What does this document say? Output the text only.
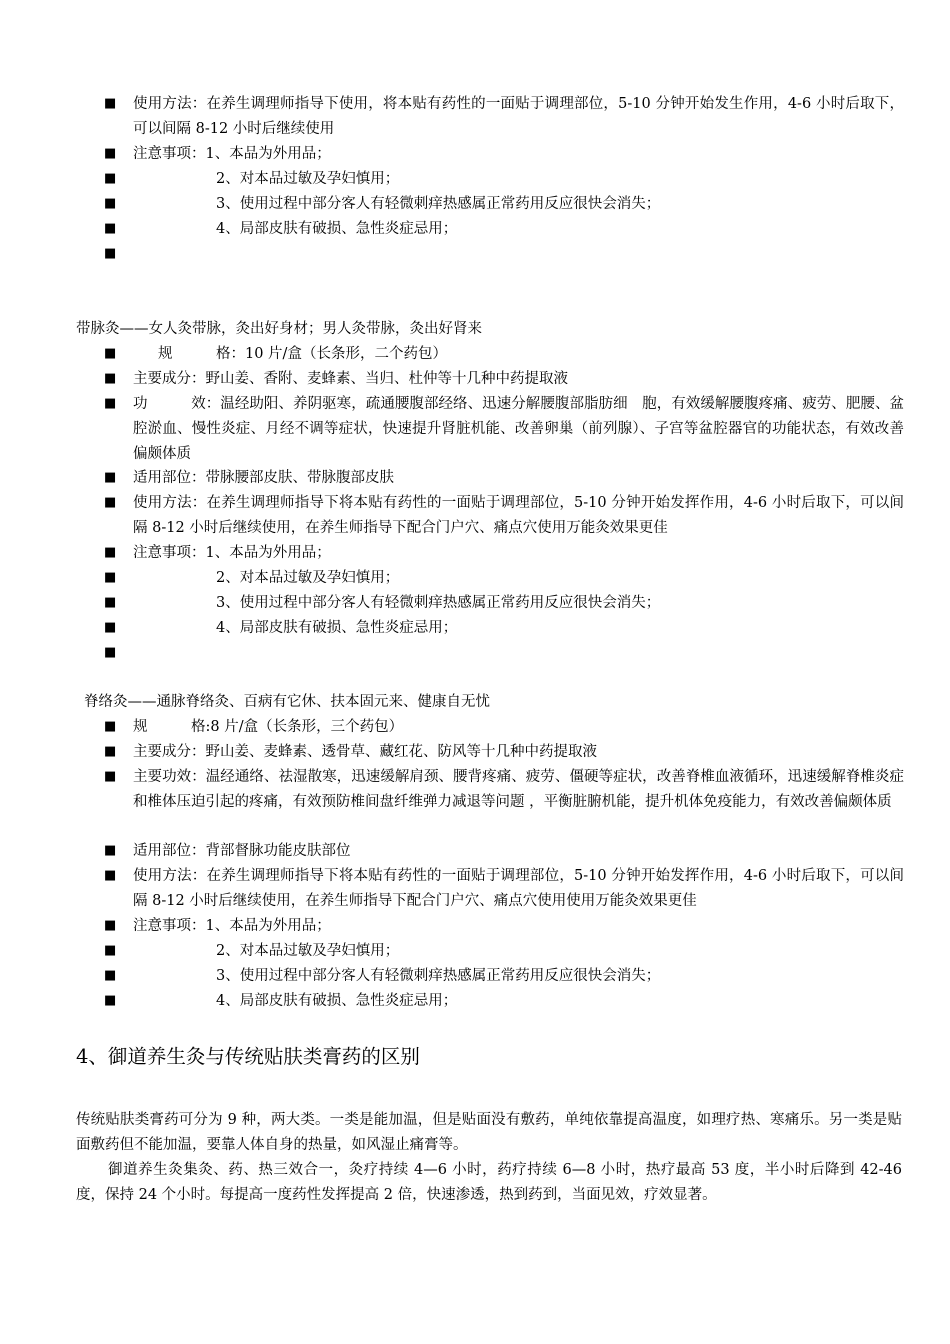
■	使用方法：在养生调理师指导下使用，将本贴有药性的一面贴于调理部位，5-10 分钟开始发生作用，4-6 小时后取下，可以间隔 8-12 小时后继续使用
■	注意事项：1、本品为外用品；
■	2、对本品过敏及孕妇慎用；
■	3、使用过程中部分客人有轻微刺痒热感属正常药用反应很快会消失；
■	4、局部皮肤有破损、急性炎症忌用；
■
带脉灸——女人灸带脉，灸出好身材；男人灸带脉，灸出好肾来
■	规　　　格：10 片/盒（长条形，二个药包）
■	主要成分：野山姜、香附、麦蜂素、当归、杜仲等十几种中药提取液
■	功　　　效：温经助阳、养阴驱寒，疏通腰腹部经络、迅速分解腰腹部脂肪细　胞，有效缓解腰腹疼痛、疲劳、肥腰、盆腔淤血、慢性炎症、月经不调等症状，快速提升肾脏机能、改善卵巢（前列腺）、子宫等盆腔器官的功能状态，有效改善偏颇体质
■	适用部位：带脉腰部皮肤、带脉腹部皮肤
■	使用方法：在养生调理师指导下将本贴有药性的一面贴于调理部位，5-10 分钟开始发挥作用，4-6 小时后取下，可以间隔 8-12 小时后继续使用，在养生师指导下配合门户穴、痛点穴使用万能灸效果更佳
■	注意事项：1、本品为外用品；
■	2、对本品过敏及孕妇慎用；
■	3、使用过程中部分客人有轻微刺痒热感属正常药用反应很快会消失；
■	4、局部皮肤有破损、急性炎症忌用；
■
脊络灸——通脉脊络灸、百病有它休、扶本固元来、健康自无忧
■	规　　　格:8 片/盒（长条形，三个药包）
■	主要成分：野山姜、麦蜂素、透骨草、藏红花、防风等十几种中药提取液
■	主要功效：温经通络、祛湿散寒，迅速缓解肩颈、腰背疼痛、疲劳、僵硬等症状，改善脊椎血液循环，迅速缓解脊椎炎症和椎体压迫引起的疼痛，有效预防椎间盘纤维弹力减退等问题 ，平衡脏腑机能，提升机体免疫能力，有效改善偏颇体质
■	适用部位：背部督脉功能皮肤部位
■	使用方法：在养生调理师指导下将本贴有药性的一面贴于调理部位，5-10 分钟开始发挥作用，4-6 小时后取下，可以间隔 8-12 小时后继续使用，在养生师指导下配合门户穴、痛点穴使用使用万能灸效果更佳
■	注意事项：1、本品为外用品；
■	2、对本品过敏及孕妇慎用；
■	3、使用过程中部分客人有轻微刺痒热感属正常药用反应很快会消失；
■	4、局部皮肤有破损、急性炎症忌用；
4、御道养生灸与传统贴肤类膏药的区别
传统贴肤类膏药可分为 9 种，两大类。一类是能加温，但是贴面没有敷药，单纯依靠提高温度，如理疗热、寒痛乐。另一类是贴面敷药但不能加温，要靠人体自身的热量，如风湿止痛膏等。
御道养生灸集灸、药、热三效合一，灸疗持续 4—6 小时，药疗持续 6—8 小时，热疗最高 53 度，半小时后降到 42-46 度，保持 24 个小时。每提高一度药性发挥提高 2 倍，快速渗透，热到药到，当面见效，疗效显著。
